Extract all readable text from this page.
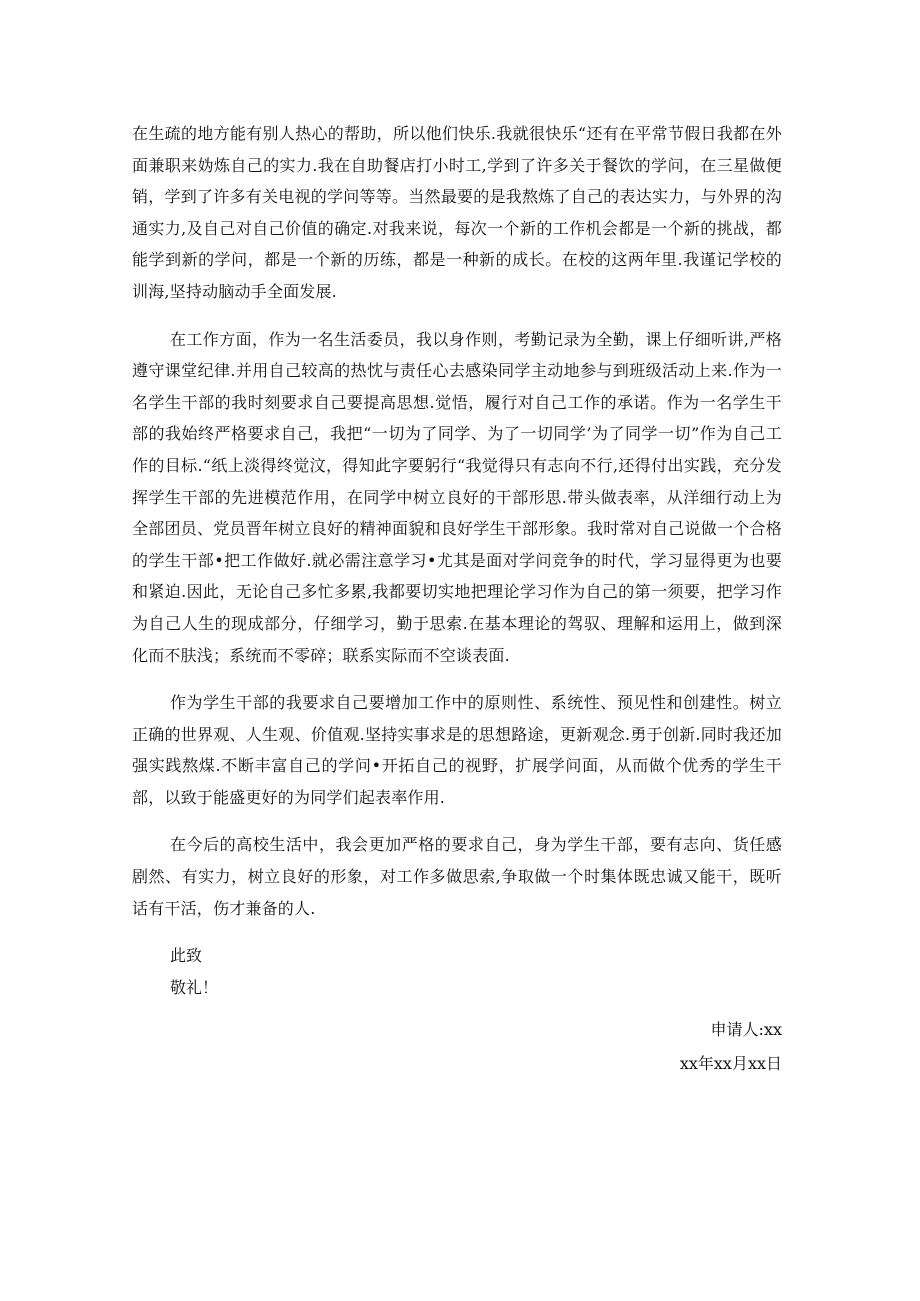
在生疏的地方能有别人热心的帮助，所以他们快乐.我就很快乐“还有在平常节假日我都在外面兼职来妫炼自己的实力.我在自助餐店打小时工,学到了许多关于餐饮的学问，在三星做便销，学到了许多有关电视的学问等等。当然最要的是我熬炼了自己的表达实力，与外界的沟通实力,及自己对自己价值的确定.对我来说，每次一个新的工作机会都是一个新的挑战，都能学到新的学问，都是一个新的历练，都是一种新的成长。在校的这两年里.我谨记学校的训海,坚持动脑动手全面发展.

在工作方面，作为一名生活委员，我以身作则，考勤记录为全勤，课上仔细听讲,严格遵守课堂纪律.并用自己较高的热忱与责任心去感染同学主动地参与到班级活动上来.作为一名学生干部的我时刻要求自己要提高思想.觉悟，履行对自己工作的承诺。作为一名学生干部的我始终严格要求自己，我把“一切为了同学、为了一切同学’为了同学一切”作为自己工作的目标.“纸上淡得终觉汶，得知此字要躬行“我觉得只有志向不行,还得付出实践，充分发挥学生干部的先进模范作用，在同学中树立良好的干部形思.带头做表率，从洋细行动上为全部团员、党员晋年树立良好的精神面貌和良好学生干部形象。我时常对自己说做一个合格的学生干部•把工作做好.就必需注意学习•尤其是面对学问竞争的时代，学习显得更为也要和紧迫.因此，无论自己多忙多累,我都要切实地把理论学习作为自己的第一须要，把学习作为自己人生的现成部分，仔细学习，勤于思索.在基本理论的驾驭、理解和运用上，做到深化而不肤浅；系统而不零碎；联系实际而不空谈表面.

作为学生干部的我要求自己要增加工作中的原则性、系统性、预见性和创建性。树立正确的世界观、人生观、价值观.坚持实事求是的思想路途，更新观念.勇于创新.同时我还加强实践熬煤.不断丰富自己的学问•开拓自己的视野，扩展学问面，从而做个优秀的学生干部，以致于能盛更好的为同学们起表率作用.

在今后的高校生活中，我会更加严格的要求自己，身为学生干部，要有志向、货任感剧然、有实力，树立良好的形象，对工作多做思索,争取做一个时集体既忠诚又能干，既听话有干活，伤才兼备的人.

此致

敬礼！

申请人:xx

xx年xx月xx日
